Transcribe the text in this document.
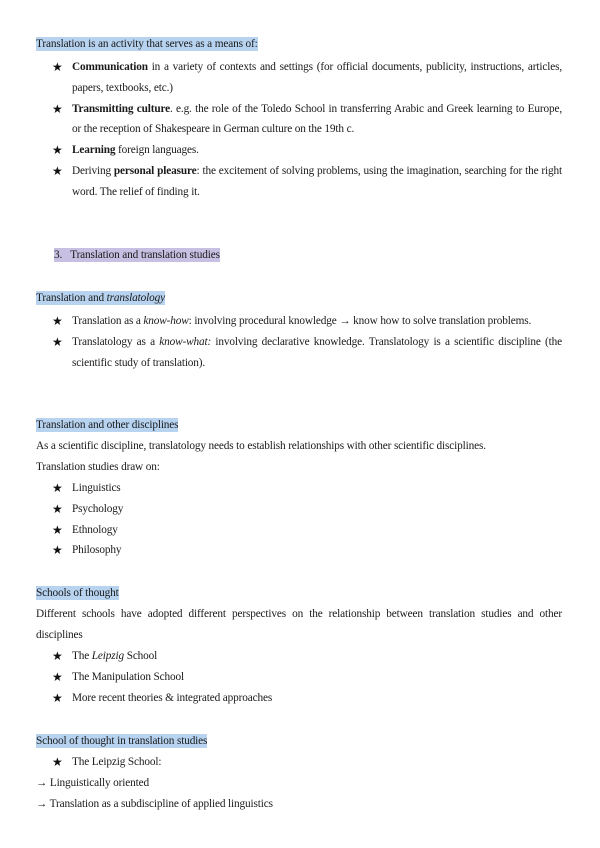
Translation is an activity that serves as a means of:
★ Communication in a variety of contexts and settings (for official documents, publicity, instructions, articles, papers, textbooks, etc.)
★ Transmitting culture. e.g. the role of the Toledo School in transferring Arabic and Greek learning to Europe, or the reception of Shakespeare in German culture on the 19th c.
★ Learning foreign languages.
★ Deriving personal pleasure: the excitement of solving problems, using the imagination, searching for the right word. The relief of finding it.
3. Translation and translation studies
Translation and translatology
★ Translation as a know-how: involving procedural knowledge → know how to solve translation problems.
★ Translatology as a know-what: involving declarative knowledge. Translatology is a scientific discipline (the scientific study of translation).
Translation and other disciplines
As a scientific discipline, translatology needs to establish relationships with other scientific disciplines.
Translation studies draw on:
★ Linguistics
★ Psychology
★ Ethnology
★ Philosophy
Schools of thought
Different schools have adopted different perspectives on the relationship between translation studies and other disciplines
★ The Leipzig School
★ The Manipulation School
★ More recent theories & integrated approaches
School of thought in translation studies
★ The Leipzig School:
→ Linguistically oriented
→ Translation as a subdiscipline of applied linguistics
